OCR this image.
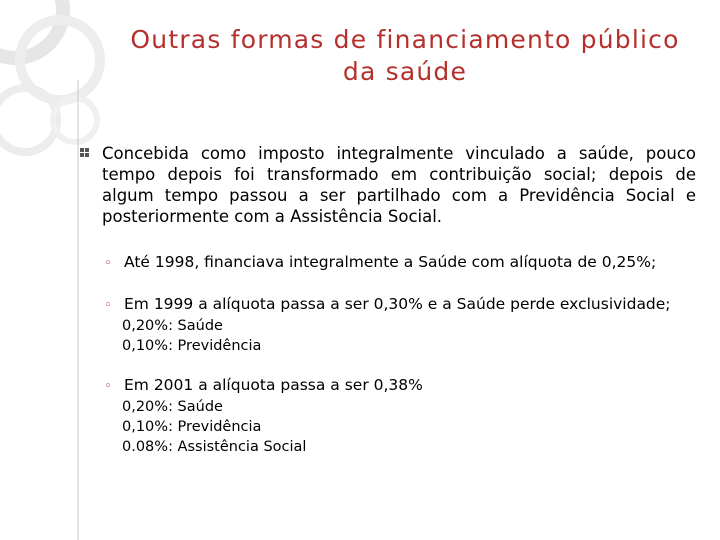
Outras formas de financiamento público
da saúde
Concebida como imposto integralmente vinculado a saúde, pouco tempo depois foi transformado em contribuição social; depois de algum tempo passou a ser partilhado com a Previdência Social e posteriormente com a Assistência Social.
◦ Até 1998, financiava integralmente a Saúde com alíquota de 0,25%;
◦ Em 1999 a alíquota passa a ser 0,30% e a Saúde perde exclusividade;
0,20%: Saúde
0,10%: Previdência
◦ Em 2001 a alíquota passa a ser 0,38%
0,20%: Saúde
0,10%: Previdência
0.08%: Assistência Social
